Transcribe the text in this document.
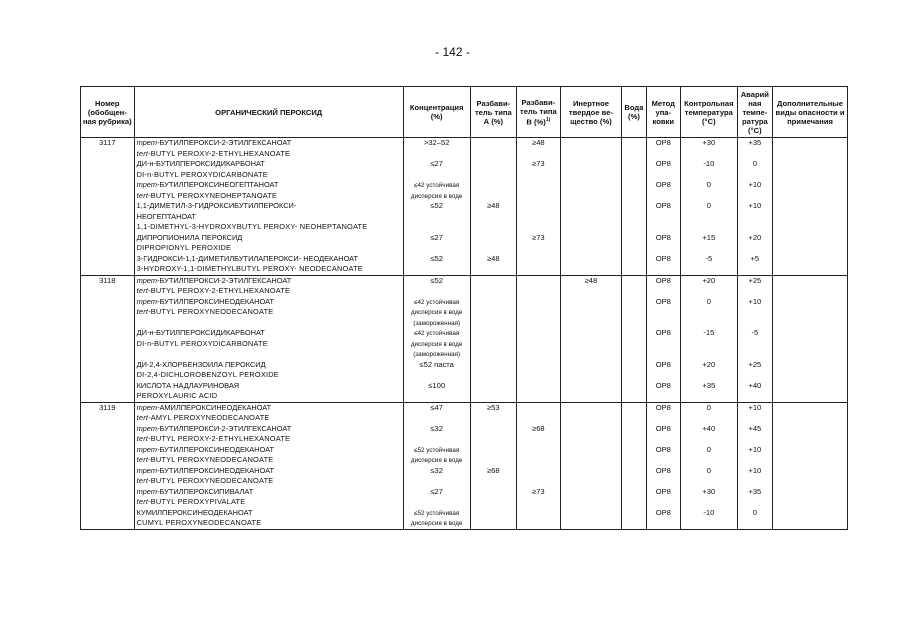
- 142 -
Номер (обобщен-ная рубрика)	ОРГАНИЧЕСКИЙ ПЕРОКСИД	Концентрация (%)	Разбави-тель типа А (%)	Разбави-тель типа В (%)$^{1)}$	Инертное твердое ве-щество (%)	Вода (%)	Метод упа-ковки	Контрольная температура (°C)	Аварий ная темпе-ратура (°C)	Дополнительные виды опасности и примечания
3117	трет-БУТИЛПЕРОКСИ-2-ЭТИЛГЕКСАНОАТ	>32–52		≥48			OP8	+30	+35	
	tert-BUTYL PEROXY-2-ETHYLHEXANOATE									
	ДИ-н-БУТИЛПЕРОКСИДИКАРБОНАТ	≤27		≥73			OP8	-10	0	
	DI-n-BUTYL PEROXYDICARBONATE									
	трет-БУТИЛПЕРОКСИНЕОГЕПТАНОАТ	≤42 устойчивая					OP8	0	+10	
	tert-BUTYL PEROXYNEOHEPTANOATE	дисперсия в воде								
	1,1-ДИМЕТИЛ-3-ГИДРОКСИБУТИЛПЕРОКСИ-	≤52	≥48				OP8	0	+10	
	НЕОГЕПТАНОАТ									
	1,1-DIMETHYL-3-HYDROXYBUTYL PEROXY- NEOHEPTANOATE									
	ДИПРОПИОНИЛА ПЕРОКСИД	≤27		≥73			OP8	+15	+20	
	DIPROPIONYL PEROXIDE									
	3-ГИДРОКСИ-1,1-ДИМЕТИЛБУТИЛАПЕРОКСИ- НЕОДЕКАНОАТ	≤52	≥48				OP8	-5	+5	
	3-HYDROXY-1,1-DIMETHYLBUTYL PEROXY- NEODECANOATE									
3118	трет-БУТИЛПЕРОКСИ-2-ЭТИЛГЕКСАНОАТ	≤52			≥48		OP8	+20	+25	
	tert-BUTYL PEROXY-2-ETHYLHEXANOATE									
	трет-БУТИЛПЕРОКСИНЕОДЕКАНОАТ	≤42 устойчивая					OP8	0	+10	
	tert-BUTYL PEROXYNEODECANOATE	дисперсия в воде								
		(замороженная)								
	ДИ-н-БУТИЛПЕРОКСИДИКАРБОНАТ	≤42 устойчивая					OP8	-15	-5	
	DI-n-BUTYL PEROXYDICARBONATE	дисперсия в воде								
		(замороженная)								
	ДИ-2,4-ХЛОРБЕНЗОИЛА ПЕРОКСИД	≤52 паста					OP8	+20	+25	
	DI-2,4-DICHLOROBENZOYL PEROXIDE									
	КИСЛОТА НАДЛАУРИНОВАЯ	≤100					OP8	+35	+40	
	PEROXYLAURIC ACID									
3119	трет-АМИЛПЕРОКСИНЕОДЕКАНОАТ	≤47	≥53				OP8	0	+10	
	tert-AMYL PEROXYNEODECANOATE									
	трет-БУТИЛПЕРОКСИ-2-ЭТИЛГЕКСАНОАТ	≤32		≥68			OP8	+40	+45	
	tert-BUTYL PEROXY-2-ETHYLHEXANOATE									
	трет-БУТИЛПЕРОКСИНЕОДЕКАНОАТ	≤52 устойчивая					OP8	0	+10	
	tert-BUTYL PEROXYNEODECANOATE	дисперсия в воде								
	трет-БУТИЛПЕРОКСИНЕОДЕКАНОАТ	≤32	≥68				OP8	0	+10	
	tert-BUTYL PEROXYNEODECANOATE									
	трет-БУТИЛПЕРОКСИПИВАЛАТ	≤27		≥73			OP8	+30	+35	
	tert-BUTYL PEROXYPIVALATE									
	КУМИЛПЕРОКСИНЕОДЕКАНОАТ	≤52 устойчивая					OP8	-10	0	
	CUMYL PEROXYNEODECANOATE	дисперсия в воде								
